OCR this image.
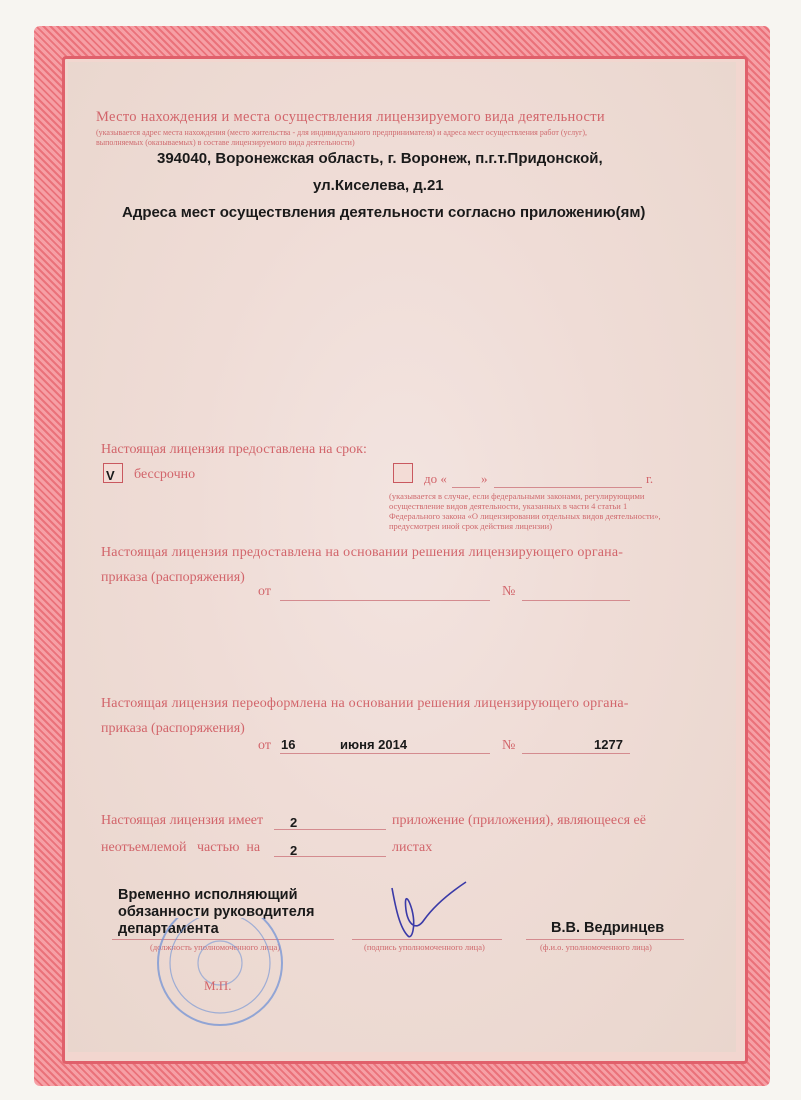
Место нахождения и места осуществления лицензируемого вида деятельности
(указывается адрес места нахождения (место жительства - для индивидуального предпринимателя) и адреса мест осуществления работ (услуг),
выполняемых (оказываемых) в составе лицензируемого вида деятельности)
394040, Воронежская область, г. Воронеж, п.г.т.Придонской,
ул.Киселева, д.21
Адреса мест осуществления деятельности согласно приложению(ям)
Настоящая лицензия предоставлена на срок:
V бессрочно	до «	»	г.
(указывается в случае, если федеральными законами, регулирующими
осуществление видов деятельности, указанных в части 4 статьи 1
Федерального закона «О лицензировании отдельных видов деятельности»,
предусмотрен иной срок действия лицензии)
Настоящая лицензия предоставлена на основании решения лицензирующего органа-
приказа (распоряжения)
от	№
Настоящая лицензия переоформлена на основании решения лицензирующего органа-
приказа (распоряжения)
от 16	июня 2014	№	1277
Настоящая лицензия имеет 2	приложение (приложения), являющееся её
неотъемлемой   частью  на 2	листах
Временно исполняющий
обязанности руководителя
департамента
(должность уполномоченного лица)	(подпись уполномоченного лица)
В.В. Ведринцев
(ф.и.о. уполномоченного лица)
М.П.
